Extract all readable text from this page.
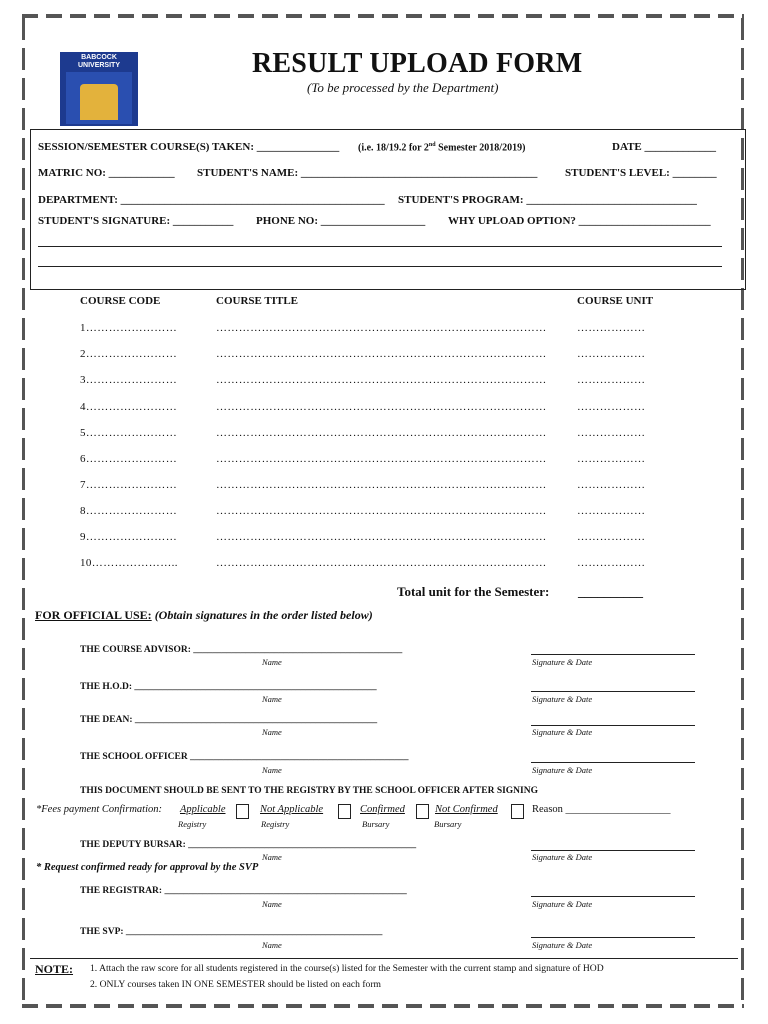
BABCOCK UNIVERSITY	RESULT UPLOAD FORM
(To be processed by the Department)
SESSION/SEMESTER COURSE(S) TAKEN: _______________ (i.e. 18/19.2 for 2nd Semester 2018/2019)	DATE _____________
MATRIC NO: ____________ STUDENT'S NAME: ___________________________________________	STUDENT'S LEVEL: ________
DEPARTMENT: ________________________________________________ STUDENT'S PROGRAM: _______________________________
STUDENT'S SIGNATURE: ___________ PHONE NO: ___________________ WHY UPLOAD OPTION? ________________________
COURSE CODE	COURSE TITLE	COURSE UNIT
1……………………	……………………………………………………………………………	………………
2……………………	……………………………………………………………………………	………………
3……………………	……………………………………………………………………………	………………
4……………………	……………………………………………………………………………	………………
5……………………	……………………………………………………………………………	………………
6……………………	……………………………………………………………………………	………………
7……………………	……………………………………………………………………………	………………
8……………………	……………………………………………………………………………	………………
9……………………	……………………………………………………………………………	………………
10…………………..	……………………………………………………………………………	………………
Total unit for the Semester: __________
FOR OFFICIAL USE: (Obtain signatures in the order listed below)
THE COURSE ADVISOR: ____________________________________________
Name	Signature & Date
THE H.O.D: ___________________________________________________
Name	Signature & Date
THE DEAN: ___________________________________________________
Name	Signature & Date
THE SCHOOL OFFICER ______________________________________________
Name	Signature & Date
THIS DOCUMENT SHOULD BE SENT TO THE REGISTRY BY THE SCHOOL OFFICER AFTER SIGNING
*Fees payment Confirmation: Applicable	Not Applicable	Confirmed	Not Confirmed	Reason ____________________
Registry	Registry	Bursary	Bursary
THE DEPUTY BURSAR: ________________________________________________
Name	Signature & Date
* Request confirmed ready for approval by the SVP
THE REGISTRAR: ___________________________________________________
Name	Signature & Date
THE SVP: ______________________________________________________
Name	Signature & Date
NOTE: 1. Attach the raw score for all students registered in the course(s) listed for the Semester with the current stamp and signature of HOD
2. ONLY courses taken IN ONE SEMESTER should be listed on each form
